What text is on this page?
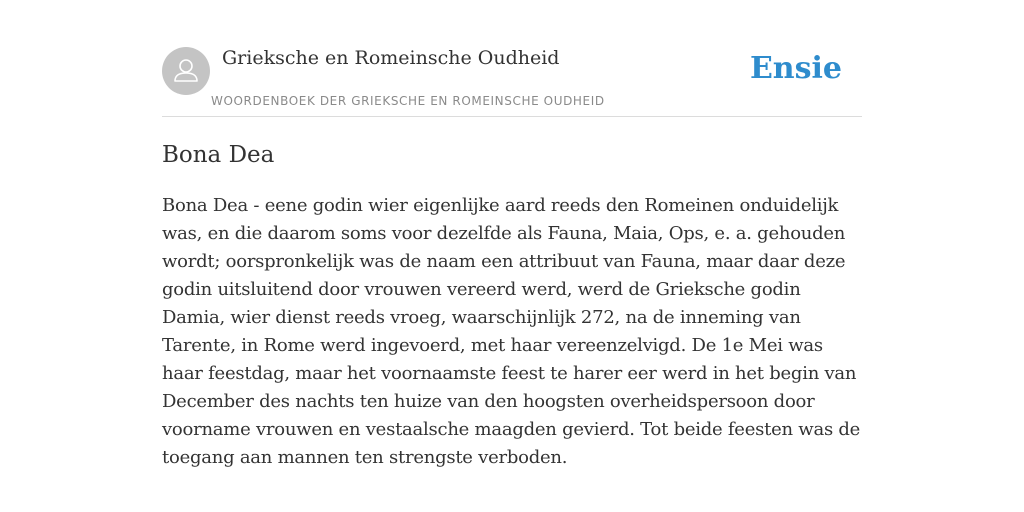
Grieksche en Romeinsche Oudheid
WOORDENBOEK DER GRIEKSCHE EN ROMEINSCHE OUDHEID
Ensie
Bona Dea

Bona Dea - eene godin wier eigenlijke aard reeds den Romeinen onduidelijk was, en die daarom soms voor dezelfde als Fauna, Maia, Ops, e. a. gehouden wordt; oorspronkelijk was de naam een attribuut van Fauna, maar daar deze godin uitsluitend door vrouwen vereerd werd, werd de Grieksche godin Damia, wier dienst reeds vroeg, waarschijnlijk 272, na de inneming van Tarente, in Rome werd ingevoerd, met haar vereenzelvigd. De 1e Mei was haar feestdag, maar het voornaamste feest te harer eer werd in het begin van December des nachts ten huize van den hoogsten overheidspersoon door voorname vrouwen en vestaalsche maagden gevierd. Tot beide feesten was de toegang aan mannen ten strengste verboden.
